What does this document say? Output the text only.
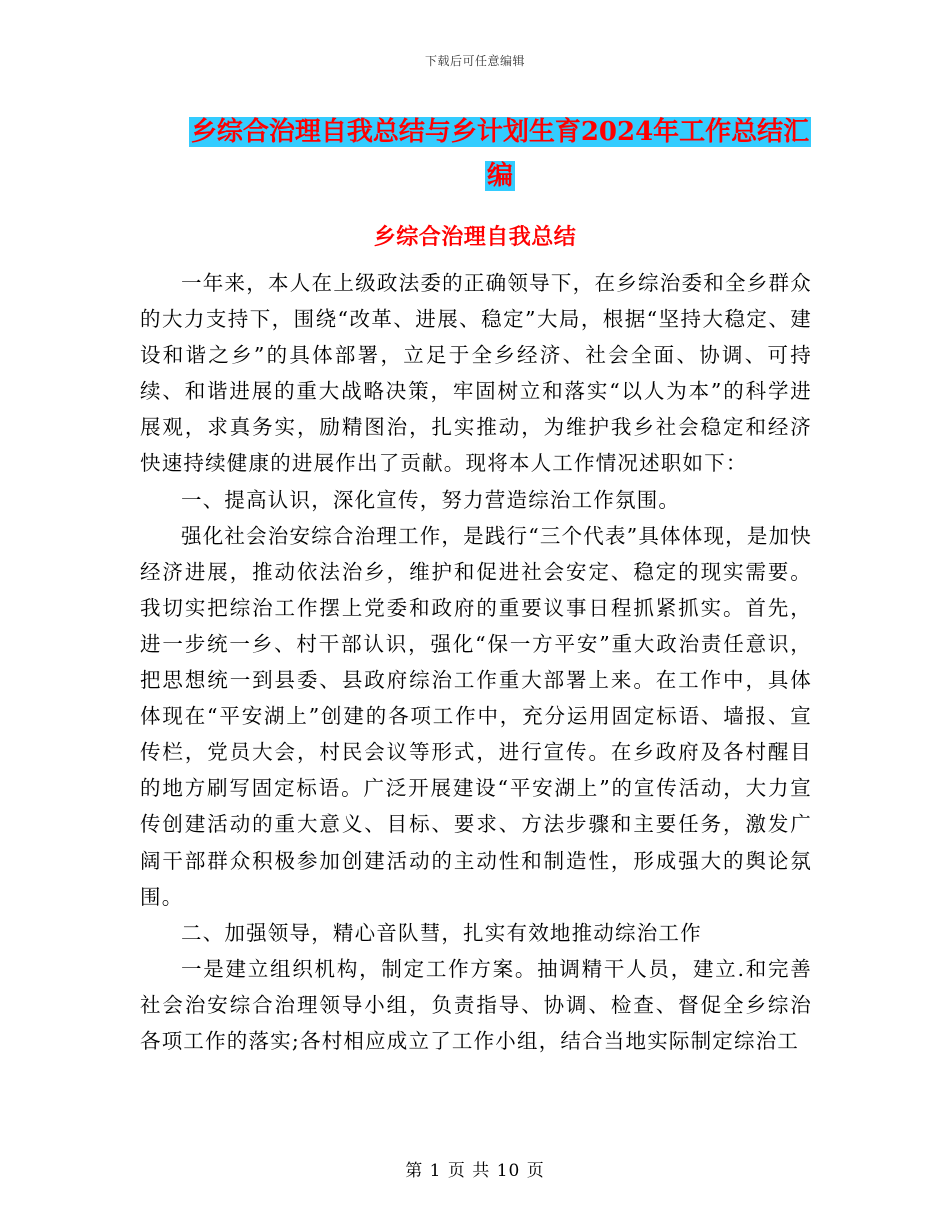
下载后可任意编辑
乡综合治理自我总结与乡计划生育2024年工作总结汇
编
乡综合治理自我总结

一年来，本人在上级政法委的正确领导下，在乡综治委和全乡群众的大力支持下，围绕“改革、进展、稳定”大局，根据“坚持大稳定、建设和谐之乡”的具体部署，立足于全乡经济、社会全面、协调、可持续、和谐进展的重大战略决策，牢固树立和落实“以人为本”的科学进展观，求真务实，励精图治，扎实推动，为维护我乡社会稳定和经济快速持续健康的进展作出了贡献。现将本人工作情况述职如下：

一、提高认识，深化宣传，努力营造综治工作氛围。

强化社会治安综合治理工作，是践行“三个代表”具体体现，是加快经济进展，推动依法治乡，维护和促进社会安定、稳定的现实需要。我切实把综治工作摆上党委和政府的重要议事日程抓紧抓实。首先，进一步统一乡、村干部认识，强化“保一方平安”重大政治责任意识，把思想统一到县委、县政府综治工作重大部署上来。在工作中，具体体现在“平安湖上”创建的各项工作中，充分运用固定标语、墙报、宣传栏，党员大会，村民会议等形式，进行宣传。在乡政府及各村醒目的地方刷写固定标语。广泛开展建设“平安湖上”的宣传活动，大力宣传创建活动的重大意义、目标、要求、方法步骤和主要任务，激发广阔干部群众积极参加创建活动的主动性和制造性，形成强大的舆论氛围。

二、加强领导，精心音队彗，扎实有效地推动综治工作

一是建立组织机构，制定工作方案。抽调精干人员，建立.和完善社会治安综合治理领导小组，负责指导、协调、检查、督促全乡综治各项工作的落实;各村相应成立了工作小组，结合当地实际制定综治工

第 1 页 共 10 页
